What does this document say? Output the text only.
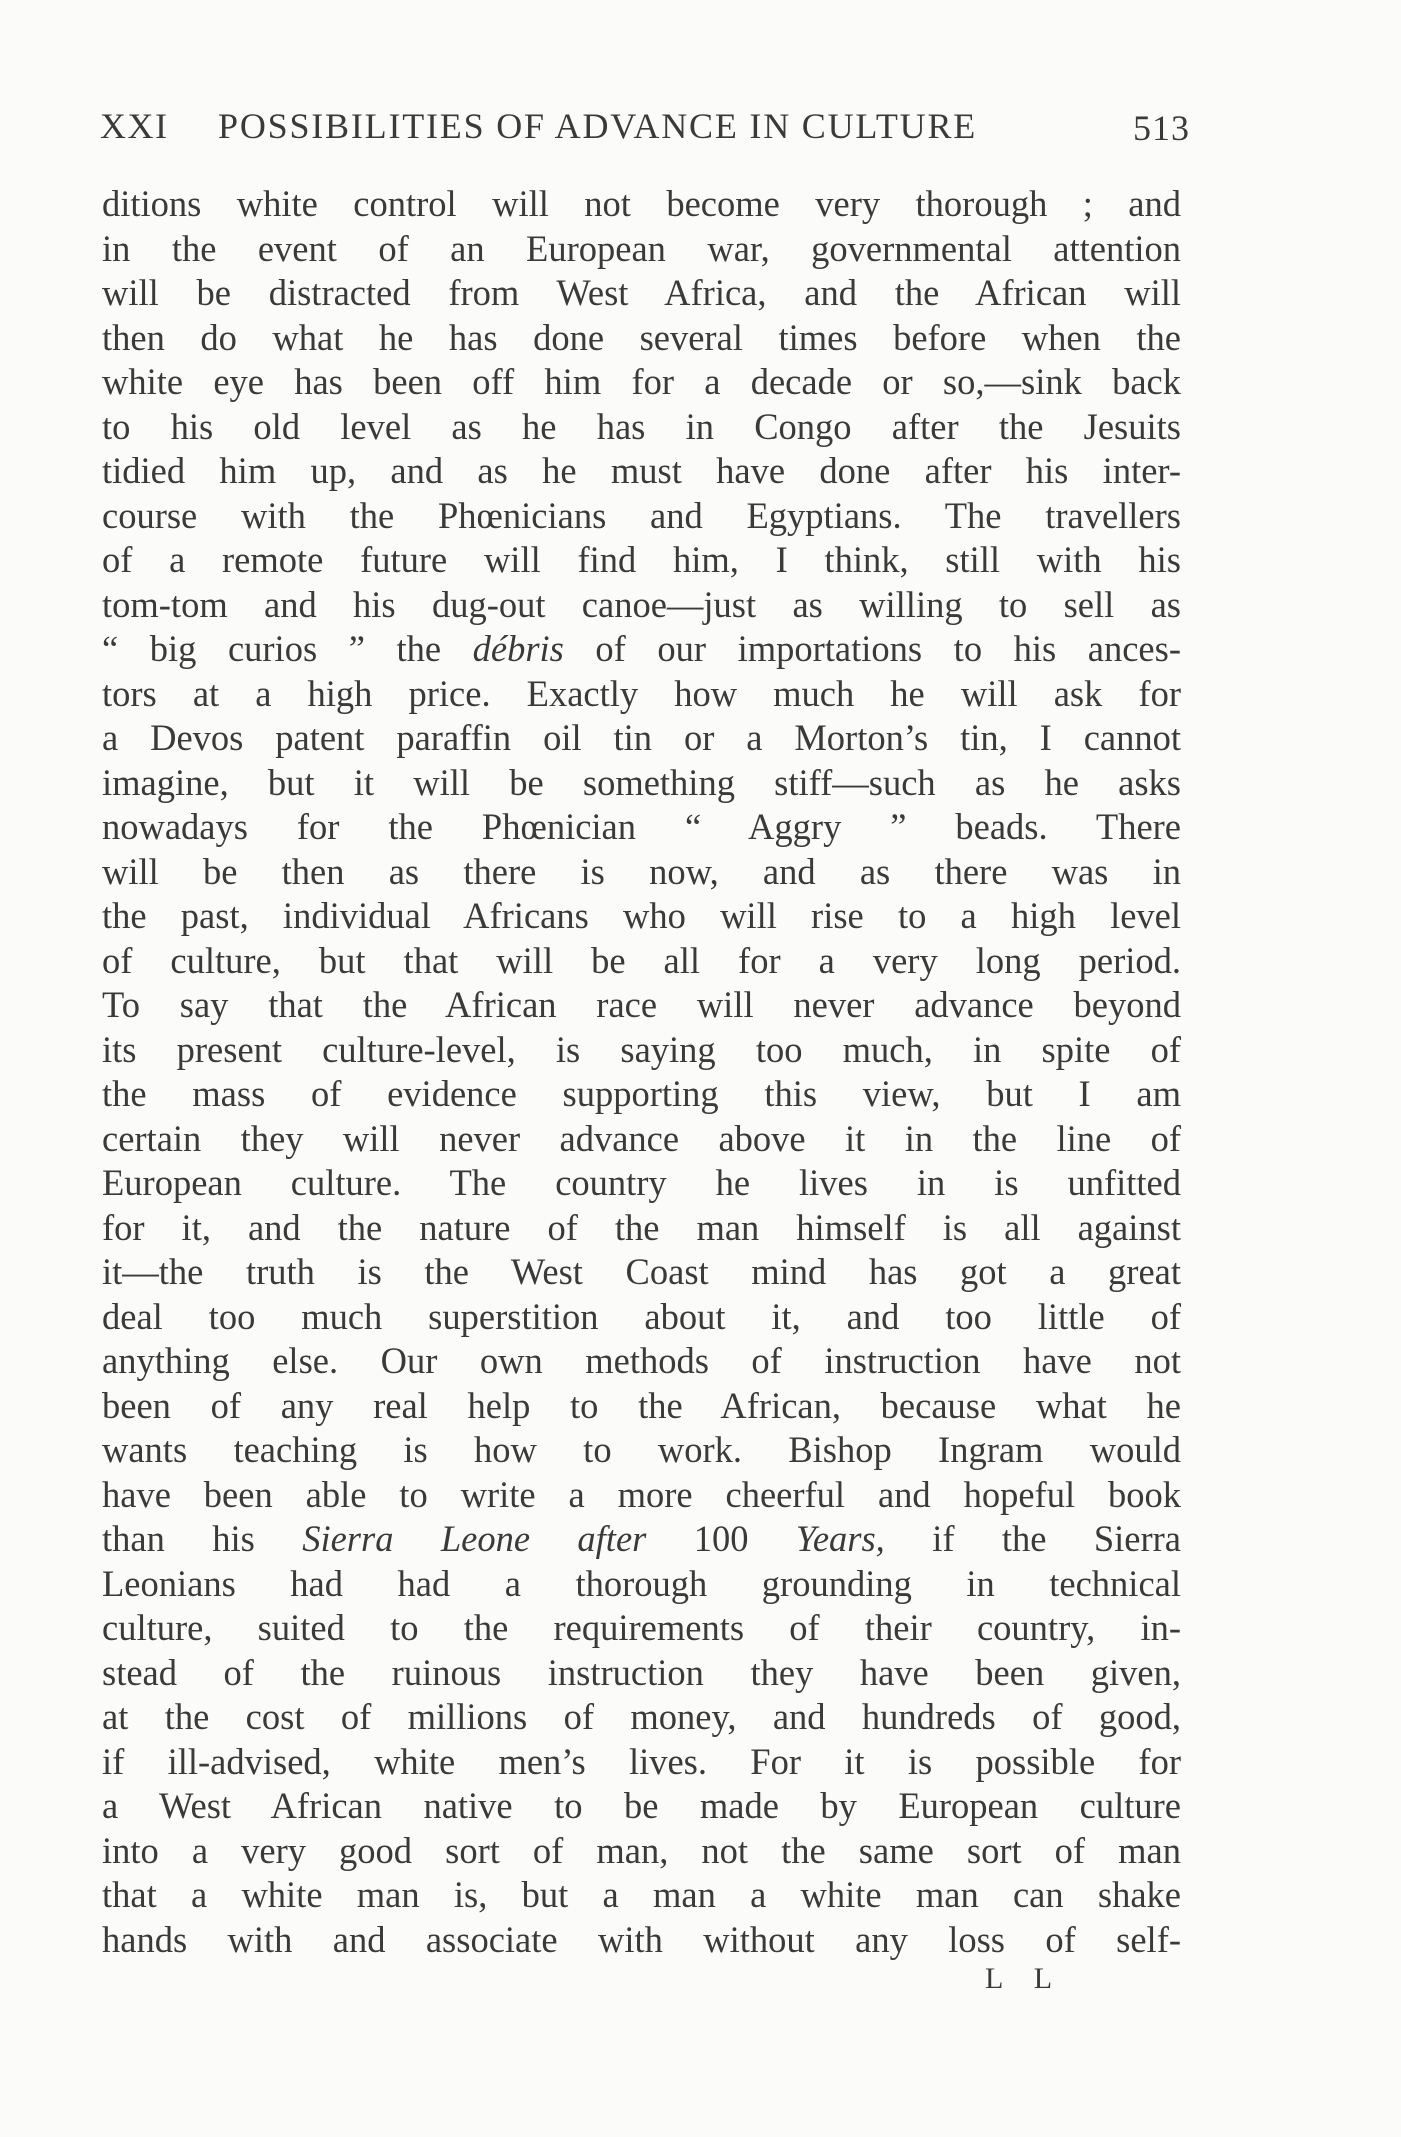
XXI POSSIBILITIES OF ADVANCE IN CULTURE	513
ditions white control will not become very thorough ; and
in the event of an European war, governmental attention
will be distracted from West Africa, and the African will
then do what he has done several times before when the
white eye has been off him for a decade or so,—sink back
to his old level as he has in Congo after the Jesuits
tidied him up, and as he must have done after his inter-
course with the Phœnicians and Egyptians. The travellers
of a remote future will find him, I think, still with his
tom-tom and his dug-out canoe—just as willing to sell as
“ big curios ” the débris of our importations to his ances-
tors at a high price. Exactly how much he will ask for
a Devos patent paraffin oil tin or a Morton’s tin, I cannot
imagine, but it will be something stiff—such as he asks
nowadays for the Phœnician “ Aggry ” beads. There
will be then as there is now, and as there was in
the past, individual Africans who will rise to a high level
of culture, but that will be all for a very long period.
To say that the African race will never advance beyond
its present culture-level, is saying too much, in spite of
the mass of evidence supporting this view, but I am
certain they will never advance above it in the line of
European culture. The country he lives in is unfitted
for it, and the nature of the man himself is all against
it—the truth is the West Coast mind has got a great
deal too much superstition about it, and too little of
anything else. Our own methods of instruction have not
been of any real help to the African, because what he
wants teaching is how to work. Bishop Ingram would
have been able to write a more cheerful and hopeful book
than his Sierra Leone after 100 Years, if the Sierra
Leonians had had a thorough grounding in technical
culture, suited to the requirements of their country, in-
stead of the ruinous instruction they have been given,
at the cost of millions of money, and hundreds of good,
if ill-advised, white men’s lives. For it is possible for
a West African native to be made by European culture
into a very good sort of man, not the same sort of man
that a white man is, but a man a white man can shake
hands with and associate with without any loss of self-
L L
